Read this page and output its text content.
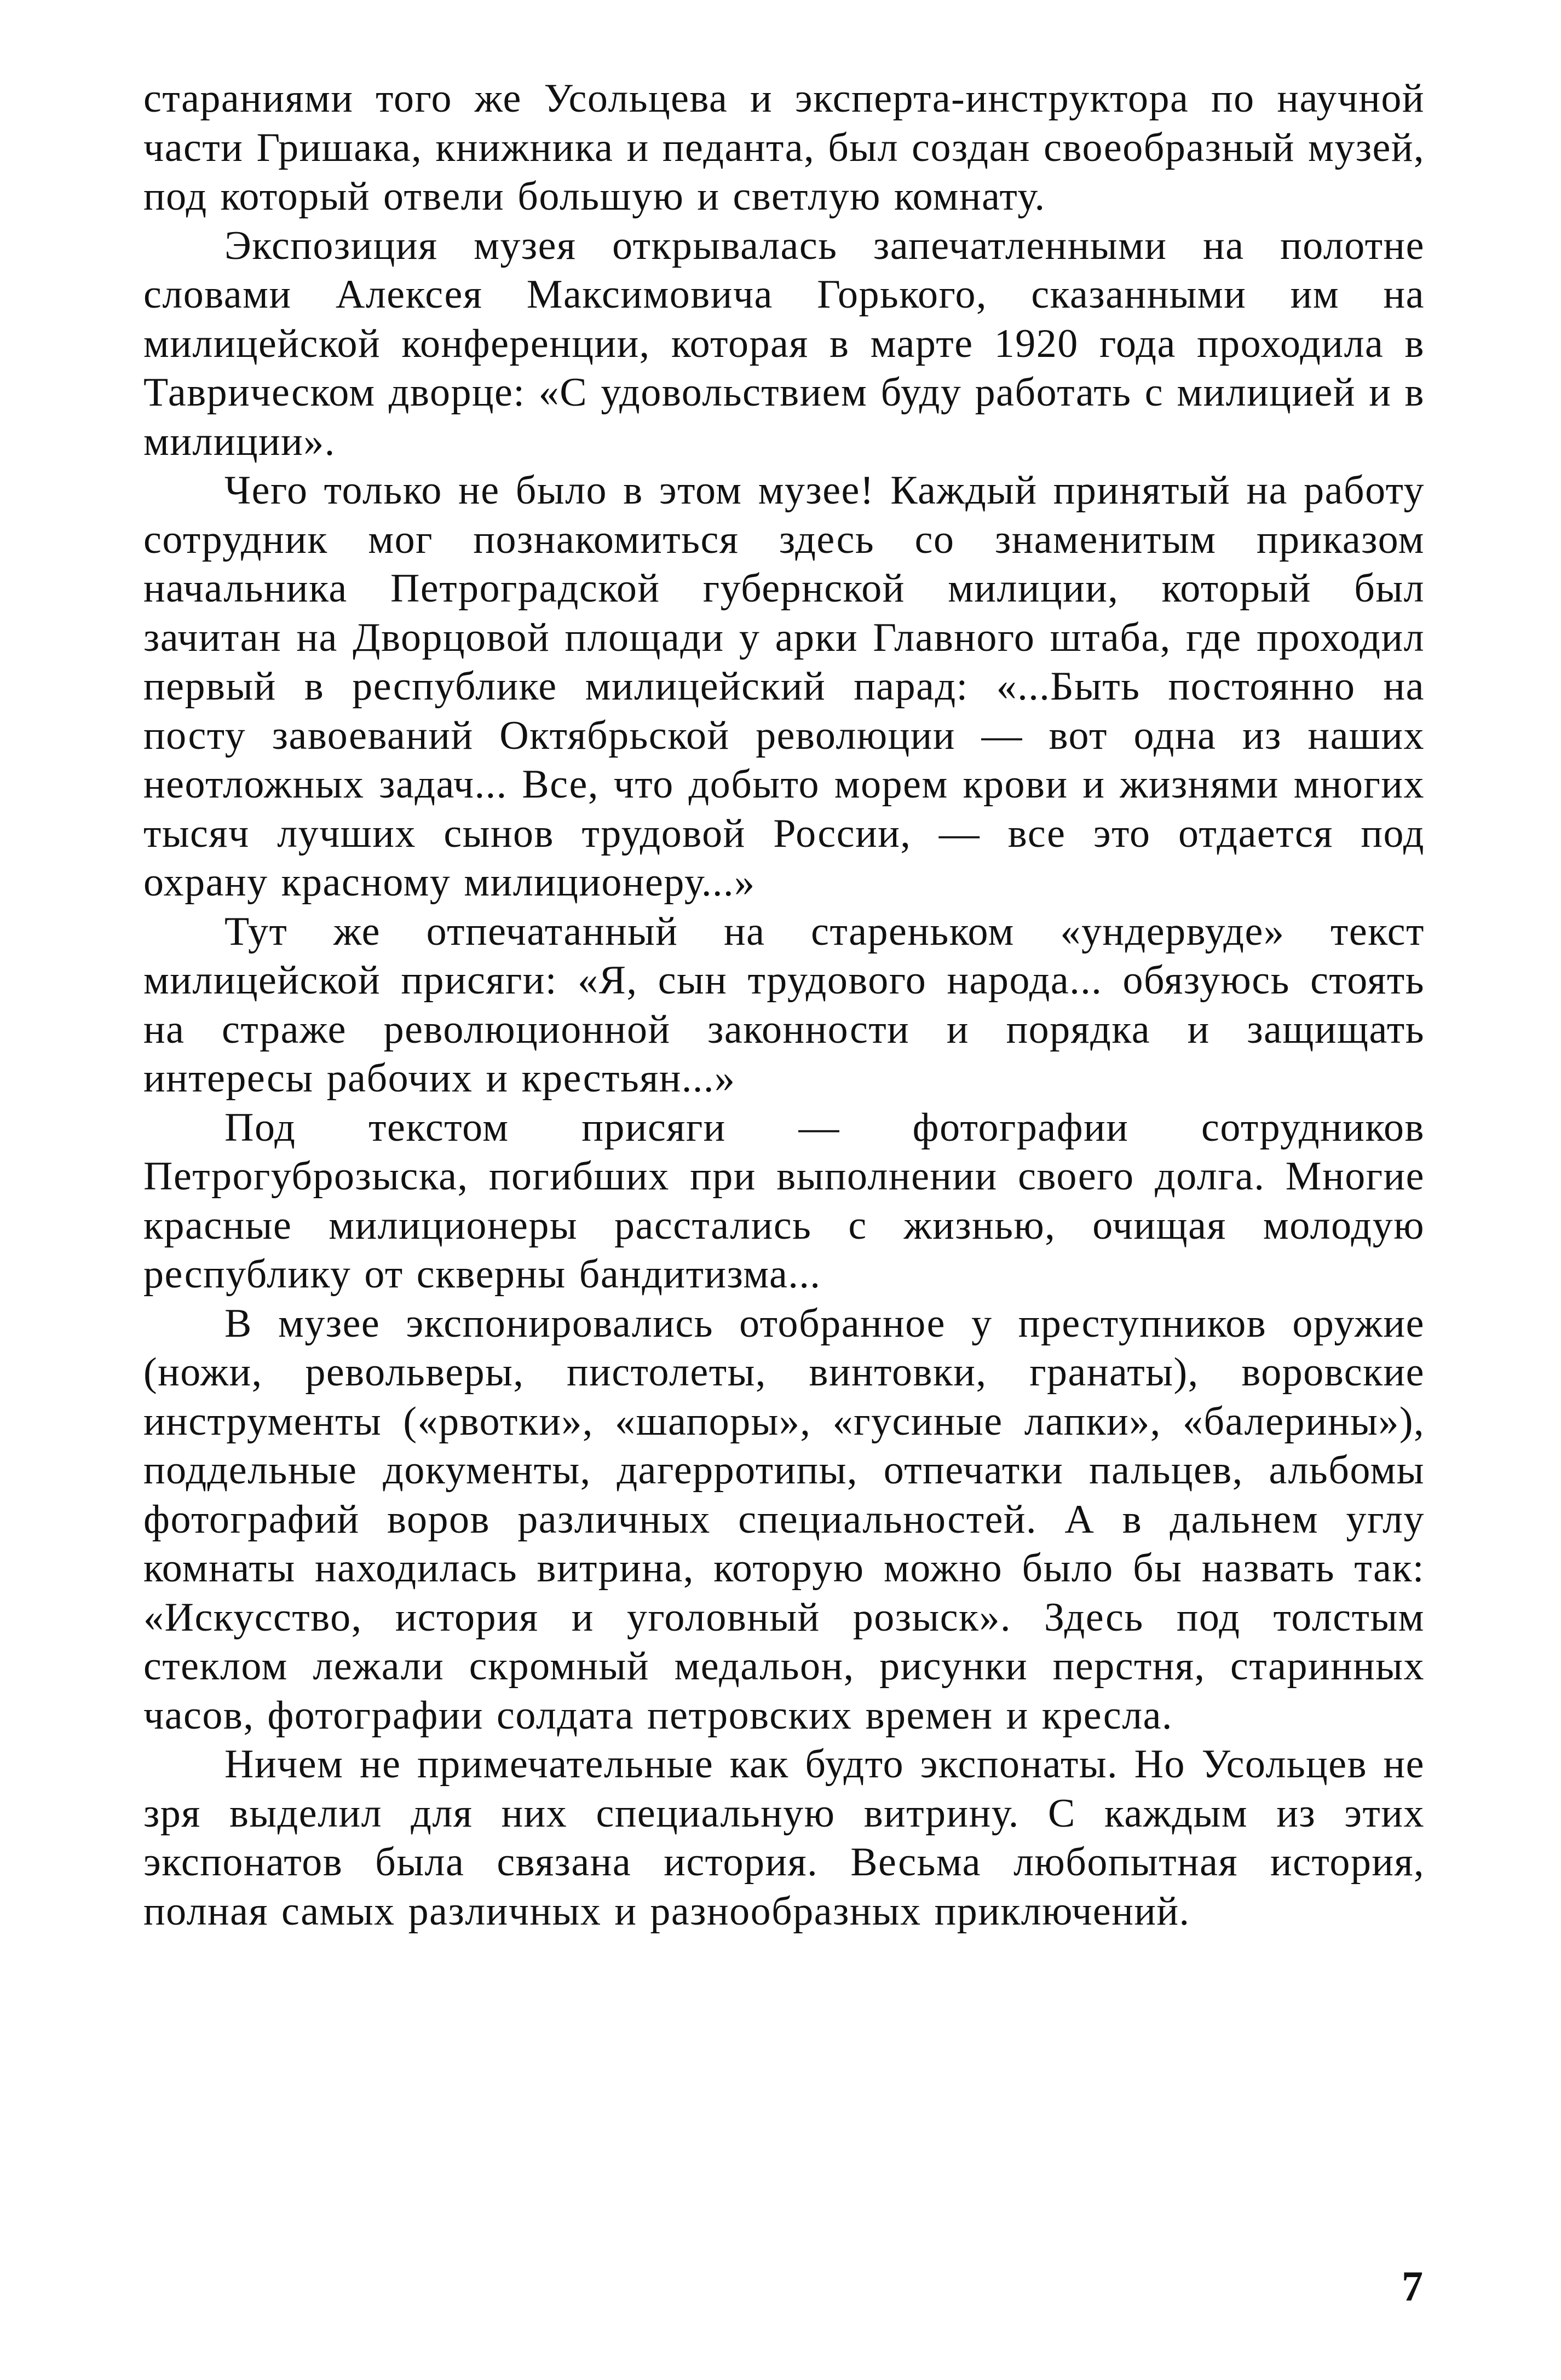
стараниями того же Усольцева и эксперта-инструктора по научной части Гришака, книжника и педанта, был создан своеобразный музей, под который отвели большую и светлую комнату.

Экспозиция музея открывалась запечатленными на полотне словами Алексея Максимовича Горького, сказанными им на милицейской конференции, которая в марте 1920 года проходила в Таврическом дворце: «С удовольствием буду работать с милицией и в милиции».

Чего только не было в этом музее! Каждый принятый на работу сотрудник мог познакомиться здесь со знаменитым приказом начальника Петроградской губернской милиции, который был зачитан на Дворцовой площади у арки Главного штаба, где проходил первый в республике милицейский парад: «...Быть постоянно на посту завоеваний Октябрьской революции — вот одна из наших неотложных задач... Все, что добыто морем крови и жизнями многих тысяч лучших сынов трудовой России, — все это отдается под охрану красному милиционеру...»

Тут же отпечатанный на стареньком «ундервуде» текст милицейской присяги: «Я, сын трудового народа... обязуюсь стоять на страже революционной законности и порядка и защищать интересы рабочих и крестьян...»

Под текстом присяги — фотографии сотрудников Петрогуброзыска, погибших при выполнении своего долга. Многие красные милиционеры расстались с жизнью, очищая молодую республику от скверны бандитизма...

В музее экспонировались отобранное у преступников оружие (ножи, револьверы, пистолеты, винтовки, гранаты), воровские инструменты («рвотки», «шапоры», «гусиные лапки», «балерины»), поддельные документы, дагерротипы, отпечатки пальцев, альбомы фотографий воров различных специальностей. А в дальнем углу комнаты находилась витрина, которую можно было бы назвать так: «Искусство, история и уголовный розыск». Здесь под толстым стеклом лежали скромный медальон, рисунки перстня, старинных часов, фотографии солдата петровских времен и кресла.

Ничем не примечательные как будто экспонаты. Но Усольцев не зря выделил для них специальную витрину. С каждым из этих экспонатов была связана история. Весьма любопытная история, полная самых различных и разнообразных приключений.

7
